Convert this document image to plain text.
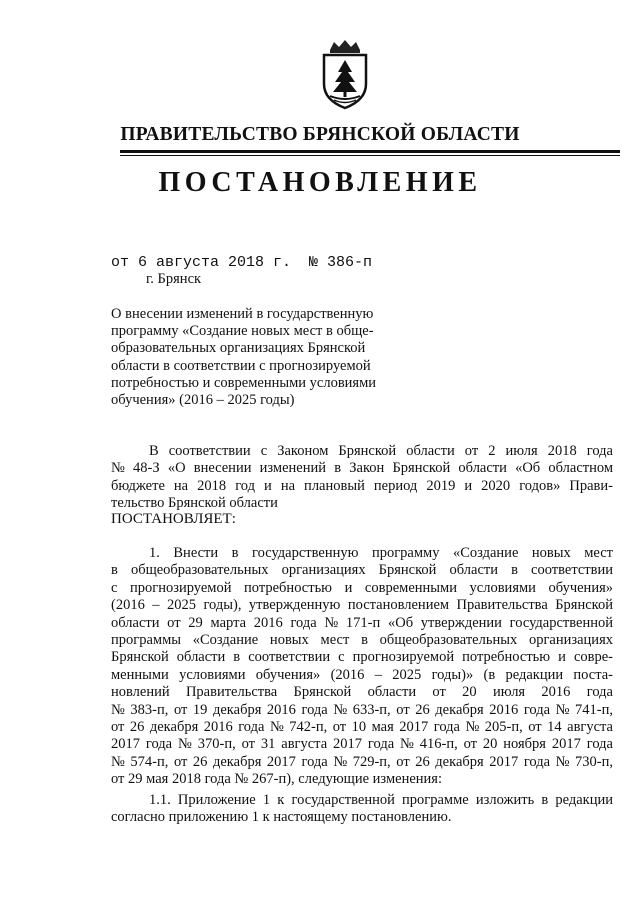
ПРАВИТЕЛЬСТВО БРЯНСКОЙ ОБЛАСТИ
ПОСТАНОВЛЕНИЕ
от 6 августа 2018 г. № 386-п
г. Брянск
О внесении изменений в государственную
программу «Создание новых мест в обще-
образовательных организациях Брянской
области в соответствии с прогнозируемой
потребностью и современными условиями
обучения» (2016 – 2025 годы)
В соответствии с Законом Брянской области от 2 июля 2018 года
№ 48-З «О внесении изменений в Закон Брянской области «Об областном
бюджете на 2018 год и на плановый период 2019 и 2020 годов» Прави-
тельство Брянской области
ПОСТАНОВЛЯЕТ:
1. Внести в государственную программу «Создание новых мест
в общеобразовательных организациях Брянской области в соответствии
с прогнозируемой потребностью и современными условиями обучения»
(2016 – 2025 годы), утвержденную постановлением Правительства Брянской
области от 29 марта 2016 года № 171-п «Об утверждении государственной
программы «Создание новых мест в общеобразовательных организациях
Брянской области в соответствии с прогнозируемой потребностью и совре-
менными условиями обучения» (2016 – 2025 годы)» (в редакции поста-
новлений Правительства Брянской области от 20 июля 2016 года
№ 383-п, от 19 декабря 2016 года № 633-п, от 26 декабря 2016 года № 741-п,
от 26 декабря 2016 года № 742-п, от 10 мая 2017 года № 205-п, от 14 августа
2017 года № 370-п, от 31 августа 2017 года № 416-п, от 20 ноября 2017 года
№ 574-п, от 26 декабря 2017 года № 729-п, от 26 декабря 2017 года № 730-п,
от 29 мая 2018 года № 267-п), следующие изменения:
1.1. Приложение 1 к государственной программе изложить в редакции
согласно приложению 1 к настоящему постановлению.
